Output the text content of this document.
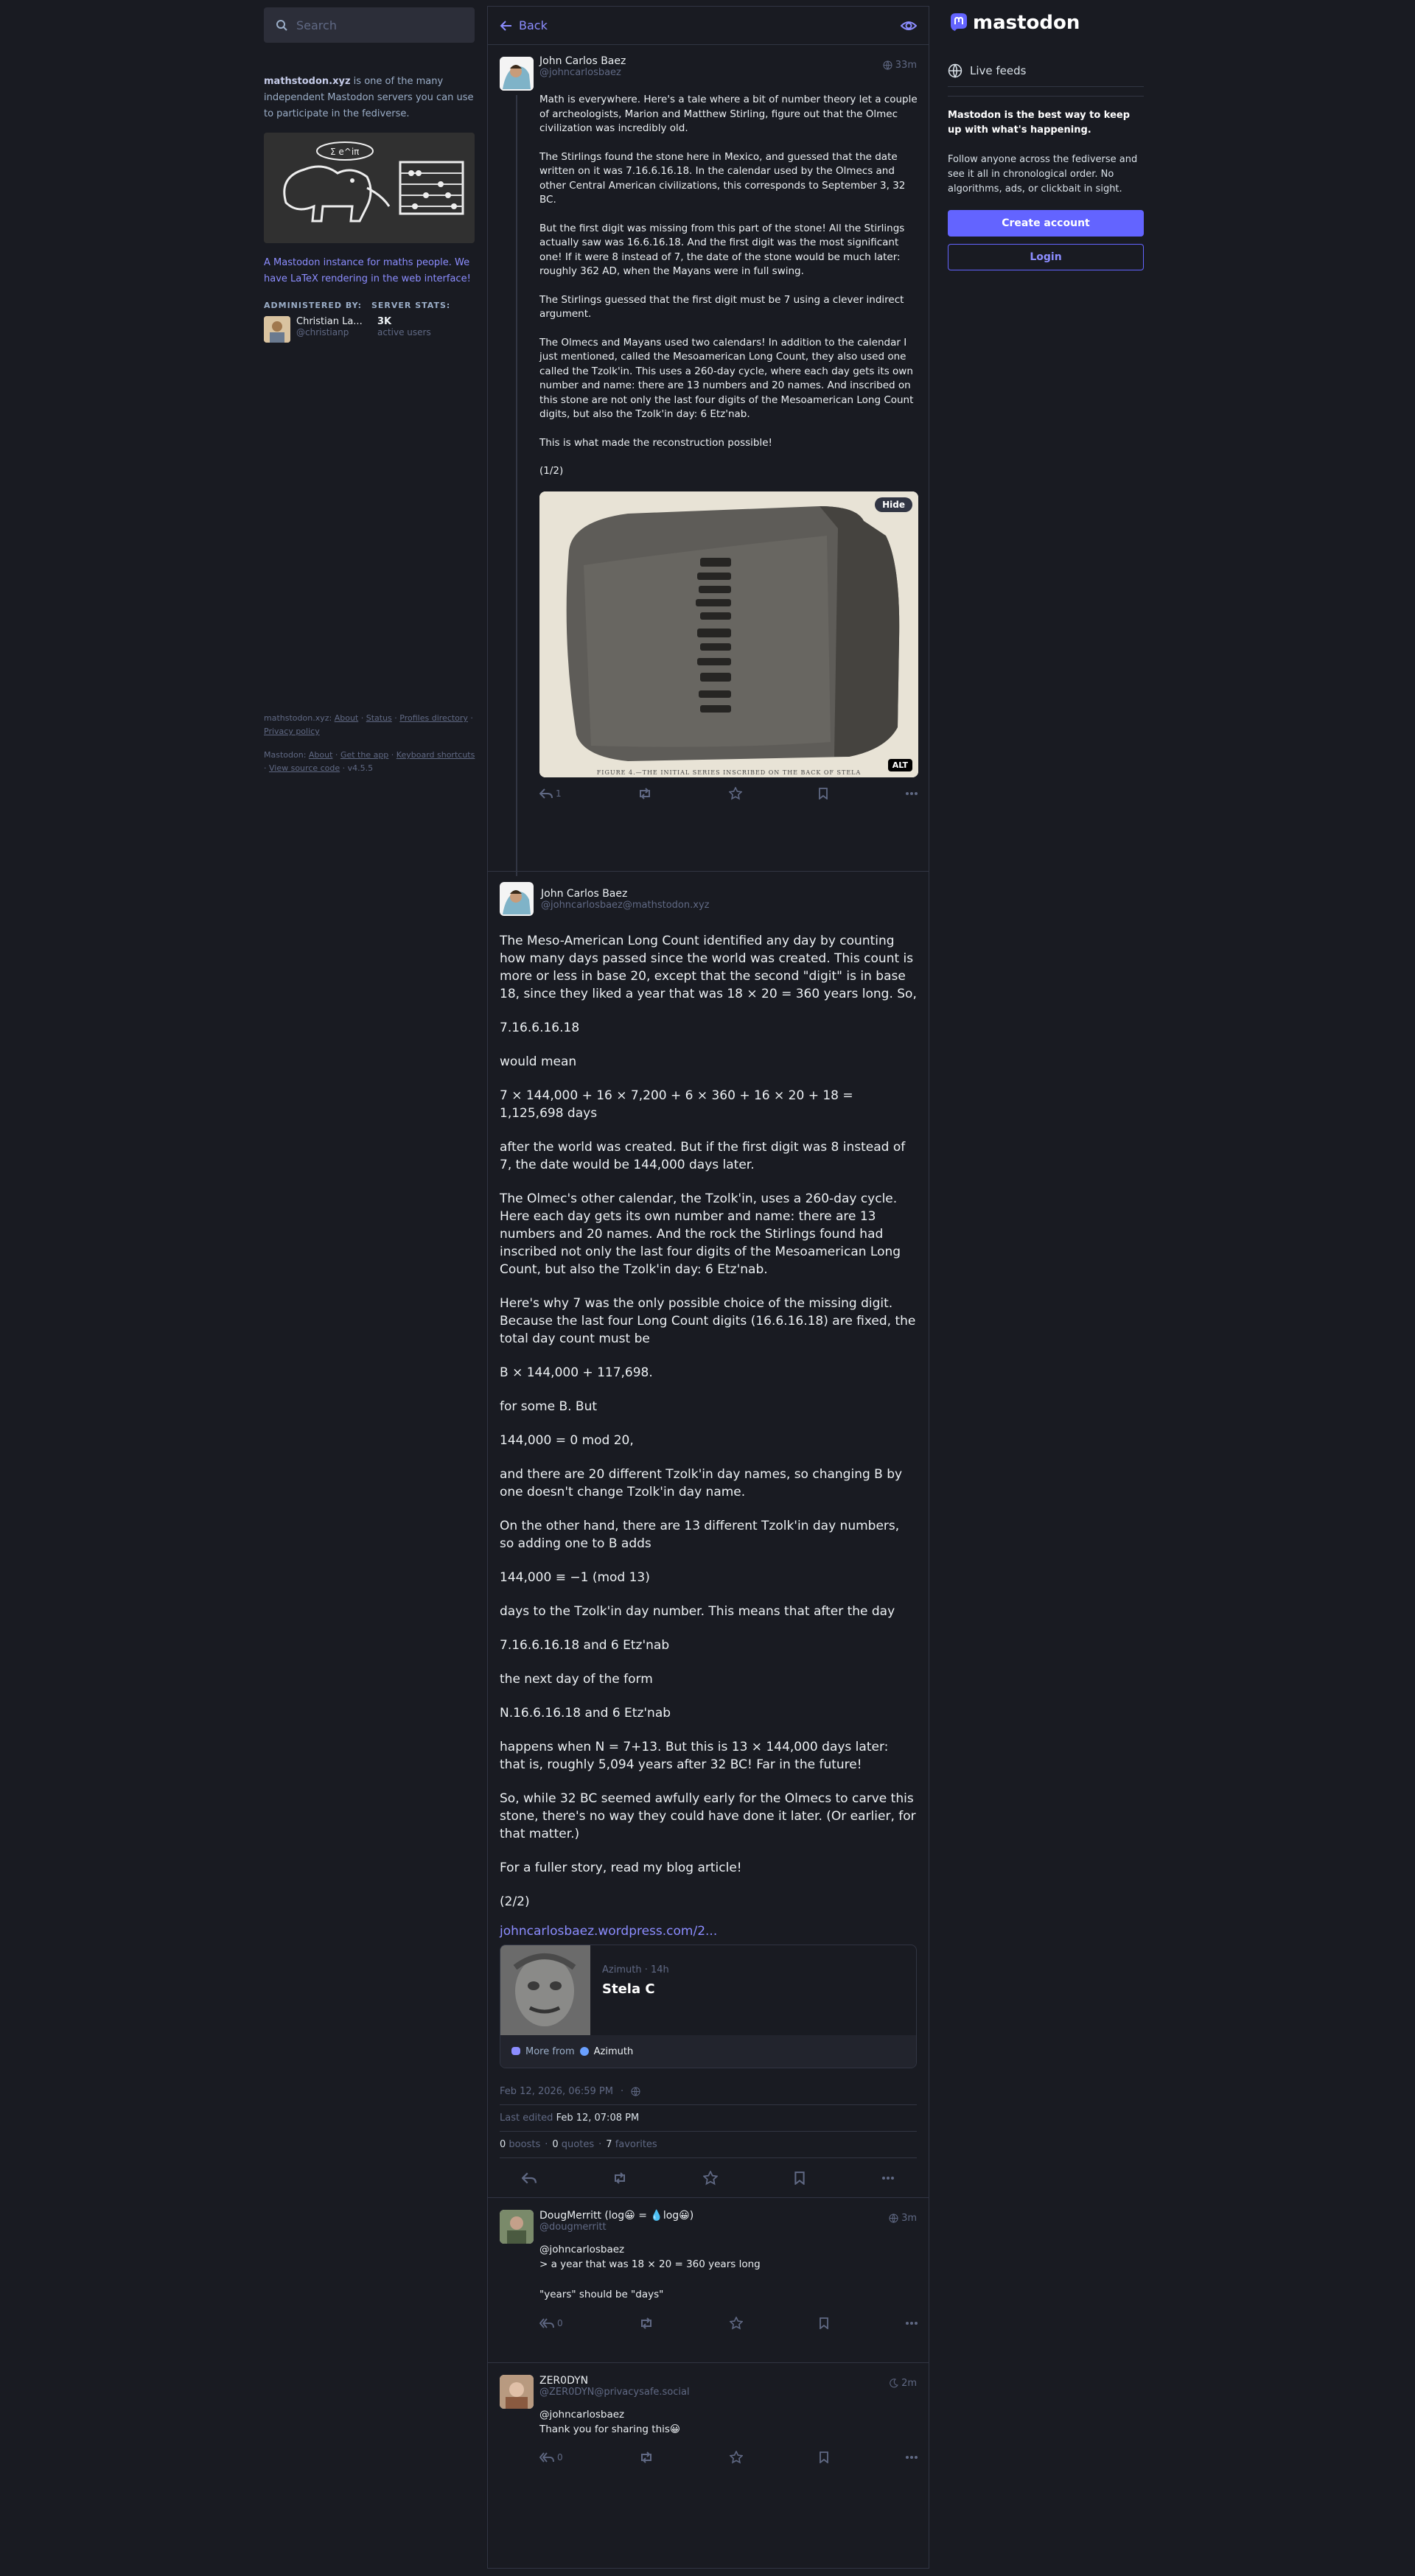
Search
mathstodon.xyz is one of the many independent Mastodon servers you can use to participate in the fediverse.
Σ e^iπ
A Mastodon instance for maths people. We have LaTeX rendering in the web interface!
ADMINISTERED BY:	SERVER STATS:
Christian La...
@christianp
3K
active users
mathstodon.xyz: About · Status · Profiles directory · Privacy policy
Mastodon: About · Get the app · Keyboard shortcuts · View source code · v4.5.5
Back
John Carlos Baez
@johncarlosbaez
33m

Math is everywhere. Here's a tale where a bit of number theory let a couple of archeologists, Marion and Matthew Stirling, figure out that the Olmec civilization was incredibly old.

The Stirlings found the stone here in Mexico, and guessed that the date written on it was 7.16.6.16.18. In the calendar used by the Olmecs and other Central American civilizations, this corresponds to September 3, 32 BC.

But the first digit was missing from this part of the stone! All the Stirlings actually saw was 16.6.16.18. And the first digit was the most significant one! If it were 8 instead of 7, the date of the stone would be much later: roughly 362 AD, when the Mayans were in full swing.

The Stirlings guessed that the first digit must be 7 using a clever indirect argument.

The Olmecs and Mayans used two calendars! In addition to the calendar I just mentioned, called the Mesoamerican Long Count, they also used one called the Tzolk'in. This uses a 260-day cycle, where each day gets its own number and name: there are 13 numbers and 20 names. And inscribed on this stone are not only the last four digits of the Mesoamerican Long Count digits, but also the Tzolk'in day: 6 Etz'nab.

This is what made the reconstruction possible!

(1/2)

Hide
ALT
FIGURE 4.—THE INITIAL SERIES INSCRIBED ON THE BACK OF STELA
1
John Carlos Baez
@johncarlosbaez@mathstodon.xyz

The Meso-American Long Count identified any day by counting how many days passed since the world was created. This count is more or less in base 20, except that the second "digit" is in base 18, since they liked a year that was 18 × 20 = 360 years long. So,

7.16.6.16.18

would mean

7 × 144,000 + 16 × 7,200 + 6 × 360 + 16 × 20 + 18 = 1,125,698 days

after the world was created. But if the first digit was 8 instead of 7, the date would be 144,000 days later.

The Olmec's other calendar, the Tzolk'in, uses a 260-day cycle. Here each day gets its own number and name: there are 13 numbers and 20 names. And the rock the Stirlings found had inscribed not only the last four digits of the Mesoamerican Long Count, but also the Tzolk'in day: 6 Etz'nab.

Here's why 7 was the only possible choice of the missing digit. Because the last four Long Count digits (16.6.16.18) are fixed, the total day count must be

B × 144,000 + 117,698.

for some B. But

144,000 = 0 mod 20,

and there are 20 different Tzolk'in day names, so changing B by one doesn't change Tzolk'in day name.

On the other hand, there are 13 different Tzolk'in day numbers, so adding one to B adds

144,000 ≡ −1 (mod 13)

days to the Tzolk'in day number. This means that after the day

7.16.6.16.18 and 6 Etz'nab

the next day of the form

N.16.6.16.18 and 6 Etz'nab

happens when N = 7+13. But this is 13 × 144,000 days later: that is, roughly 5,094 years after 32 BC! Far in the future!

So, while 32 BC seemed awfully early for the Olmecs to carve this stone, there's no way they could have done it later. (Or earlier, for that matter.)

For a fuller story, read my blog article!

(2/2)

johncarlosbaez.wordpress.com/2...
Azimuth · 14h
Stela C
More from Azimuth
Feb 12, 2026, 06:59 PM ·
Last edited Feb 12, 07:08 PM
0 boosts · 0 quotes · 7 favorites
DougMerritt (log😀 = 💧log😀)
@dougmerritt
3m
@johncarlosbaez
> a year that was 18 × 20 = 360 years long
"years" should be "days"
0
ZER0DYN
@ZER0DYN@privacysafe.social
2m
@johncarlosbaez
Thank you for sharing this😀
0
mastodon
Live feeds
Mastodon is the best way to keep up with what's happening.
Follow anyone across the fediverse and see it all in chronological order. No algorithms, ads, or clickbait in sight.
Create account
Login
